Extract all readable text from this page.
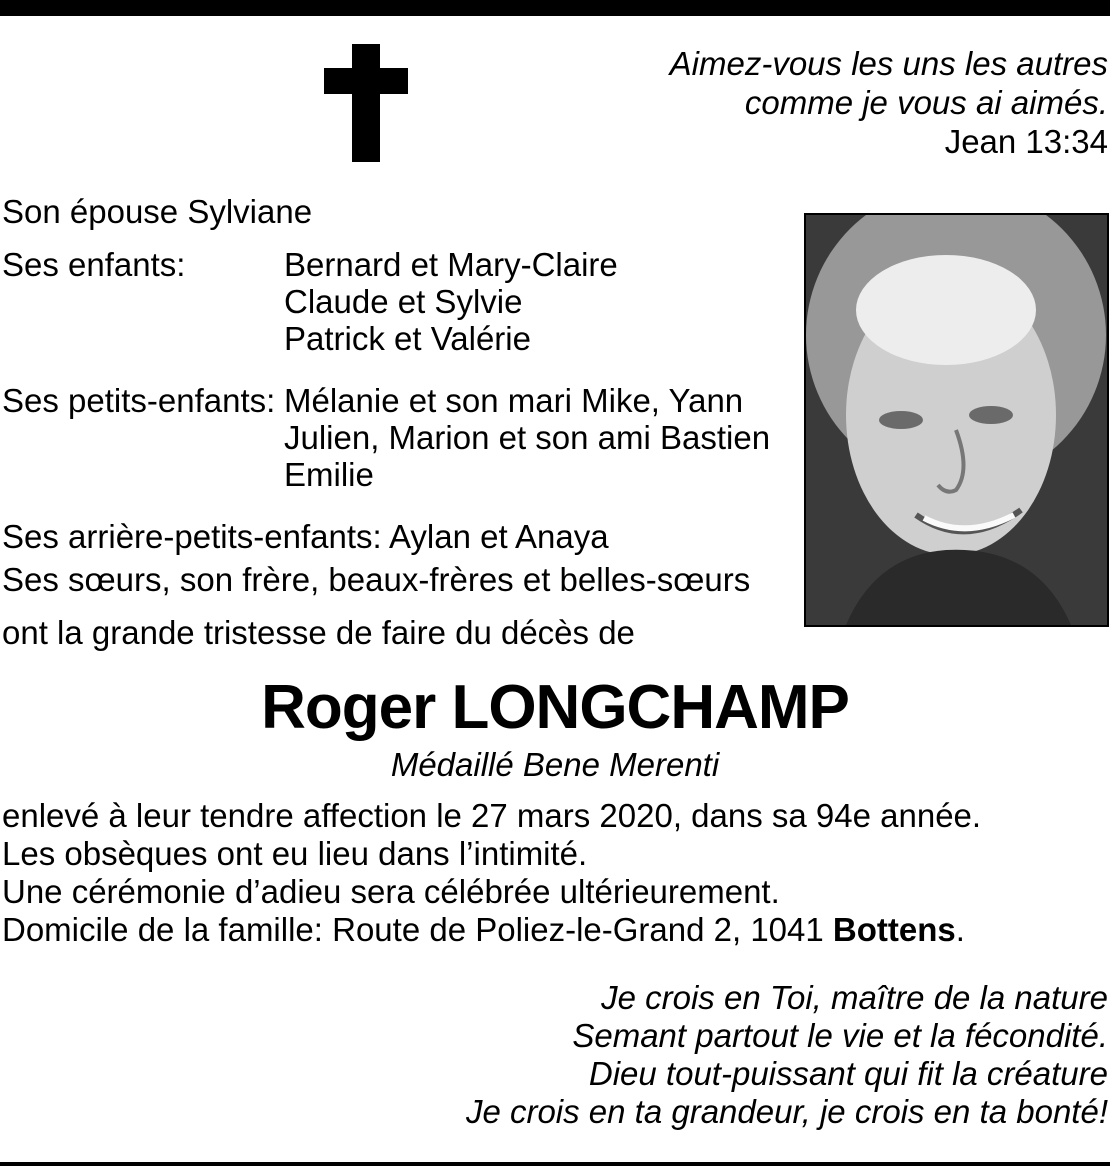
Aimez-vous les uns les autres
comme je vous ai aimés.
Jean 13:34
Son épouse Sylviane
Ses enfants:	Bernard et Mary-Claire
Claude et Sylvie
Patrick et Valérie
Ses petits-enfants: Mélanie et son mari Mike, Yann
Julien, Marion et son ami Bastien
Emilie
Ses arrière-petits-enfants: Aylan et Anaya
Ses sœurs, son frère, beaux-frères et belles-sœurs
ont la grande tristesse de faire du décès de
Roger LONGCHAMP
Médaillé Bene Merenti
enlevé à leur tendre affection le 27 mars 2020, dans sa 94e année.
Les obsèques ont eu lieu dans l’intimité.
Une cérémonie d’adieu sera célébrée ultérieurement.
Domicile de la famille: Route de Poliez-le-Grand 2, 1041 Bottens.
Je crois en Toi, maître de la nature
Semant partout le vie et la fécondité.
Dieu tout-puissant qui fit la créature
Je crois en ta grandeur, je crois en ta bonté!
